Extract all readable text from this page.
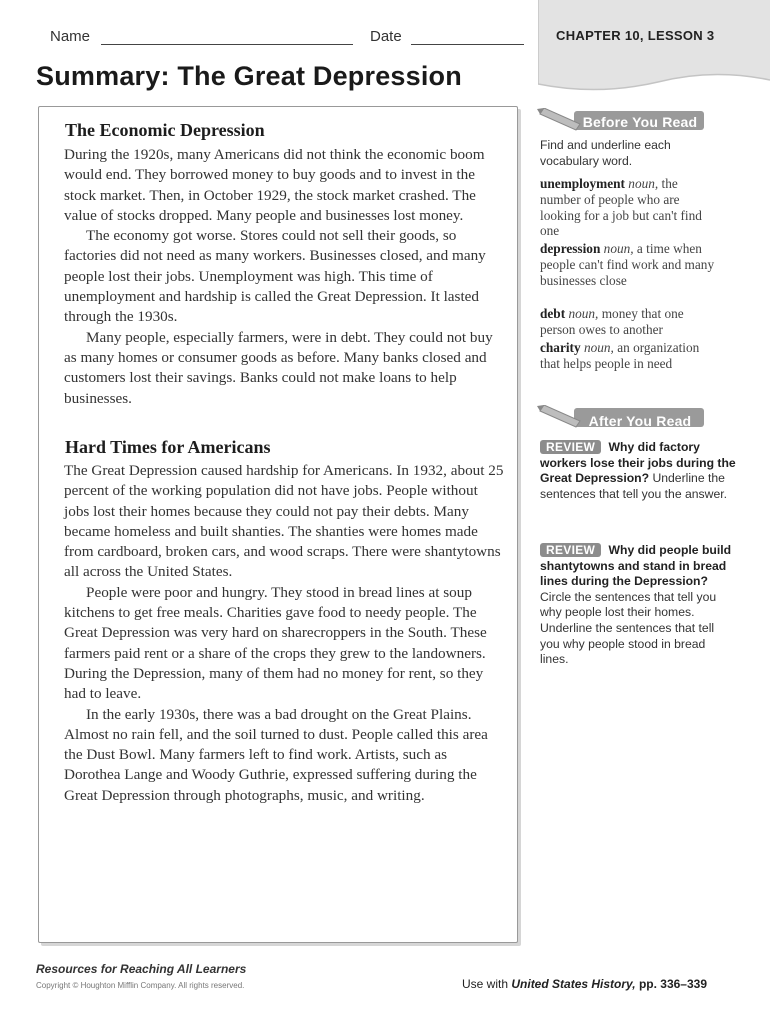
Name	Date	CHAPTER 10, LESSON 3
Summary: The Great Depression
The Economic Depression

During the 1920s, many Americans did not think the economic boom would end. They borrowed money to buy goods and to invest in the stock market. Then, in October 1929, the stock market crashed. The value of stocks dropped. Many people and businesses lost money.

The economy got worse. Stores could not sell their goods, so factories did not need as many workers. Businesses closed, and many people lost their jobs. Unemployment was high. This time of unemployment and hardship is called the Great Depression. It lasted through the 1930s.

Many people, especially farmers, were in debt. They could not buy as many homes or consumer goods as before. Many banks closed and customers lost their savings. Banks could not make loans to help businesses.

Hard Times for Americans

The Great Depression caused hardship for Americans. In 1932, about 25 percent of the working population did not have jobs. People without jobs lost their homes because they could not pay their debts. Many became homeless and built shanties. The shanties were homes made from cardboard, broken cars, and wood scraps. There were shantytowns all across the United States.

People were poor and hungry. They stood in bread lines at soup kitchens to get free meals. Charities gave food to needy people. The Great Depression was very hard on sharecroppers in the South. These farmers paid rent or a share of the crops they grew to the landowners. During the Depression, many of them had no money for rent, so they had to leave.

In the early 1930s, there was a bad drought on the Great Plains. Almost no rain fell, and the soil turned to dust. People called this area the Dust Bowl. Many farmers left to find work. Artists, such as Dorothea Lange and Woody Guthrie, expressed suffering during the Great Depression through photographs, music, and writing.

Before You Read
Find and underline each vocabulary word.
unemployment noun, the number of people who are looking for a job but can't find one
depression noun, a time when people can't find work and many businesses close
debt noun, money that one person owes to another
charity noun, an organization that helps people in need
After You Read
REVIEW Why did factory workers lose their jobs during the Great Depression? Underline the sentences that tell you the answer.
REVIEW Why did people build shantytowns and stand in bread lines during the Depression? Circle the sentences that tell you why people lost their homes. Underline the sentences that tell you why people stood in bread lines.
Resources for Reaching All Learners
Copyright © Houghton Mifflin Company. All rights reserved.	Use with United States History, pp. 336–339
